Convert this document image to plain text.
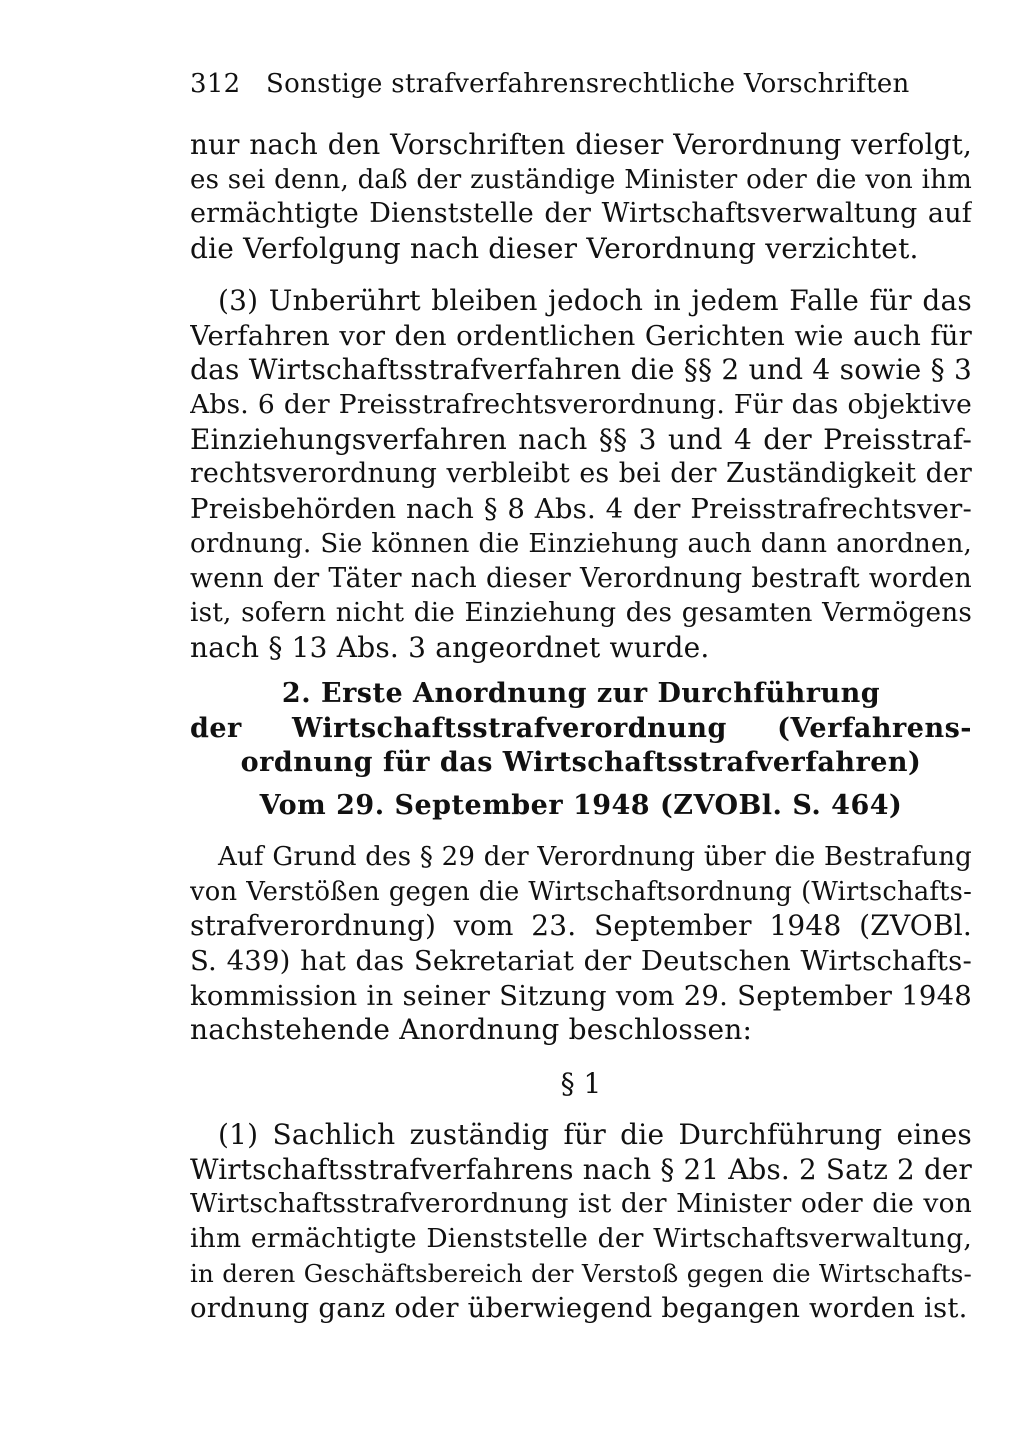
312 Sonstige strafverfahrensrechtliche Vorschriften
nur nach den Vorschriften dieser Verordnung verfolgt,
es sei denn, daß der zuständige Minister oder die von ihm
ermächtigte Dienststelle der Wirtschaftsverwaltung auf
die Verfolgung nach dieser Verordnung verzichtet.
(3) Unberührt bleiben jedoch in jedem Falle für das
Verfahren vor den ordentlichen Gerichten wie auch für
das Wirtschaftsstrafverfahren die §§ 2 und 4 sowie § 3
Abs. 6 der Preisstrafrechtsverordnung. Für das objektive
Einziehungsverfahren nach §§ 3 und 4 der Preisstraf-
rechtsverordnung verbleibt es bei der Zuständigkeit der
Preisbehörden nach § 8 Abs. 4 der Preisstrafrechtsver-
ordnung. Sie können die Einziehung auch dann anordnen,
wenn der Täter nach dieser Verordnung bestraft worden
ist, sofern nicht die Einziehung des gesamten Vermögens
nach § 13 Abs. 3 angeordnet wurde.
2. Erste Anordnung zur Durchführung
der Wirtschaftsstrafverordnung (Verfahrens-
ordnung für das Wirtschaftsstrafverfahren)
Vom 29. September 1948 (ZVOBl. S. 464)
Auf Grund des § 29 der Verordnung über die Bestrafung
von Verstößen gegen die Wirtschaftsordnung (Wirtschafts-
strafverordnung) vom 23. September 1948 (ZVOBl.
S. 439) hat das Sekretariat der Deutschen Wirtschafts-
kommission in seiner Sitzung vom 29. September 1948
nachstehende Anordnung beschlossen:
§ 1
(1) Sachlich zuständig für die Durchführung eines
Wirtschaftsstrafverfahrens nach § 21 Abs. 2 Satz 2 der
Wirtschaftsstrafverordnung ist der Minister oder die von
ihm ermächtigte Dienststelle der Wirtschaftsverwaltung,
in deren Geschäftsbereich der Verstoß gegen die Wirtschafts-
ordnung ganz oder überwiegend begangen worden ist.
